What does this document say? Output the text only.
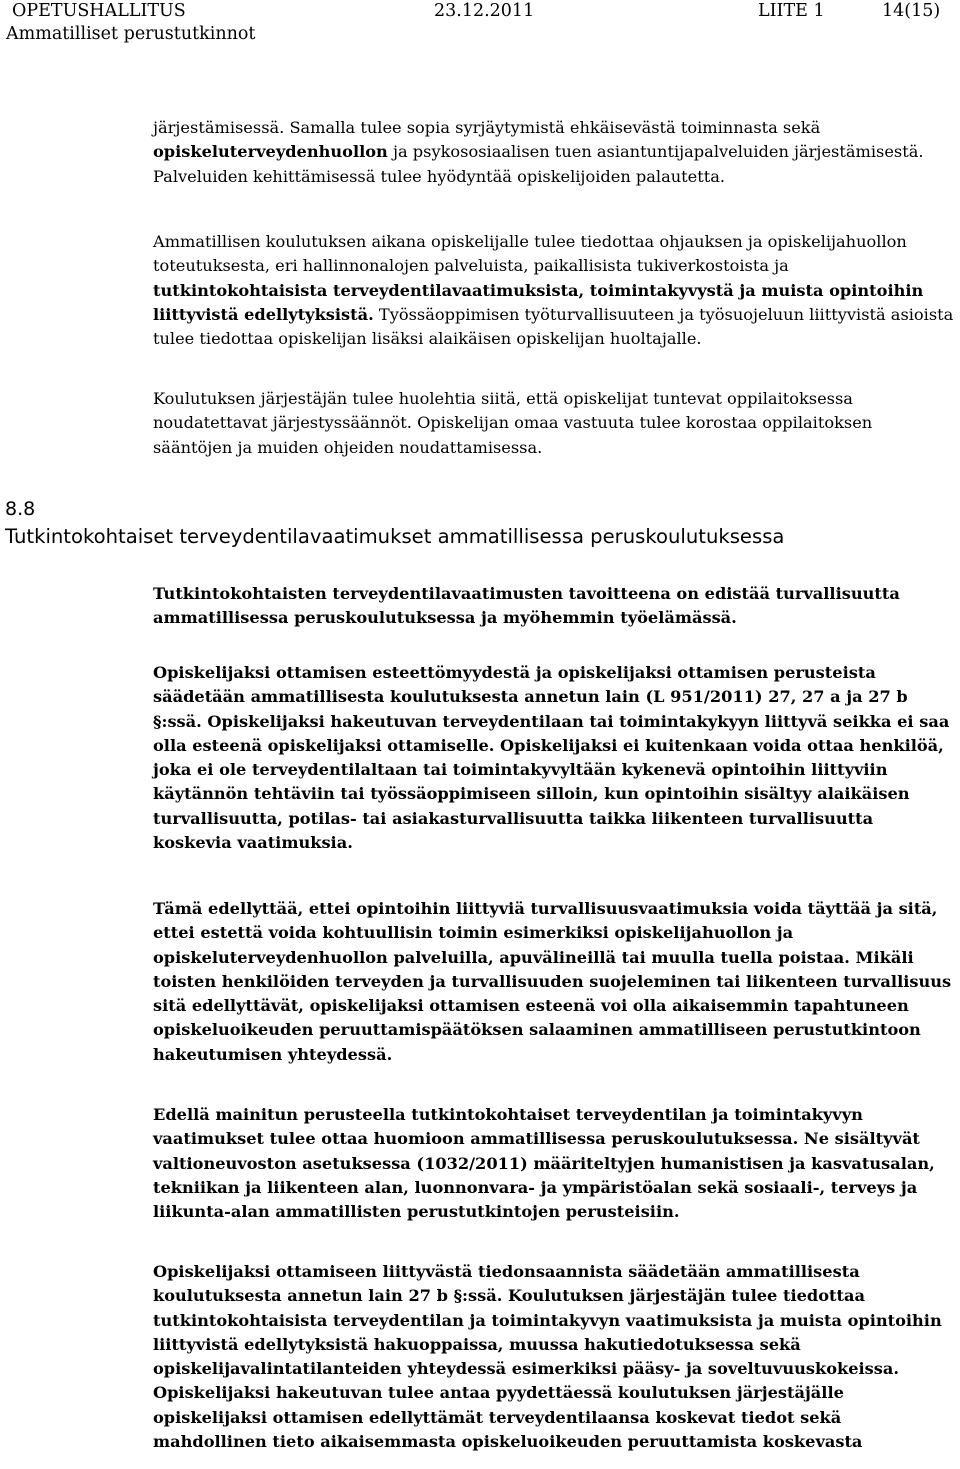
OPETUSHALLITUS	23.12.2011	LIITE 1	14(15)
Ammatilliset perustutkinnot

järjestämisessä. Samalla tulee sopia syrjäytymistä ehkäisevästä toiminnasta sekä opiskeluterveydenhuollon ja psykososiaalisen tuen asiantuntijapalveluiden järjestämisestä. Palveluiden kehittämisessä tulee hyödyntää opiskelijoiden palautetta.

Ammatillisen koulutuksen aikana opiskelijalle tulee tiedottaa ohjauksen ja opiskelijahuollon toteutuksesta, eri hallinnonalojen palveluista, paikallisista tukiverkostoista ja tutkintokohtaisista terveydentilavaatimuksista, toimintakyvystä ja muista opintoihin liittyvistä edellytyksistä. Työssäoppimisen työturvallisuuteen ja työsuojeluun liittyvistä asioista tulee tiedottaa opiskelijan lisäksi alaikäisen opiskelijan huoltajalle.

Koulutuksen järjestäjän tulee huolehtia siitä, että opiskelijat tuntevat oppilaitoksessa noudatettavat järjestyssäännöt. Opiskelijan omaa vastuuta tulee korostaa oppilaitoksen sääntöjen ja muiden ohjeiden noudattamisessa.

8.8
Tutkintokohtaiset terveydentilavaatimukset ammatillisessa peruskoulutuksessa

Tutkintokohtaisten terveydentilavaatimusten tavoitteena on edistää turvallisuutta ammatillisessa peruskoulutuksessa ja myöhemmin työelämässä.

Opiskelijaksi ottamisen esteettömyydestä ja opiskelijaksi ottamisen perusteista säädetään ammatillisesta koulutuksesta annetun lain (L 951/2011) 27, 27 a ja 27 b §:ssä. Opiskelijaksi hakeutuvan terveydentilaan tai toimintakykyyn liittyvä seikka ei saa olla esteenä opiskelijaksi ottamiselle. Opiskelijaksi ei kuitenkaan voida ottaa henkilöä, joka ei ole terveydentilaltaan tai toimintakyvyltään kykenevä opintoihin liittyviin käytännön tehtäviin tai työssäoppimiseen silloin, kun opintoihin sisältyy alaikäisen turvallisuutta, potilas- tai asiakasturvallisuutta taikka liikenteen turvallisuutta koskevia vaatimuksia.

Tämä edellyttää, ettei opintoihin liittyviä turvallisuusvaatimuksia voida täyttää ja sitä, ettei estettä voida kohtuullisin toimin esimerkiksi opiskelijahuollon ja opiskeluterveydenhuollon palveluilla, apuvälineillä tai muulla tuella poistaa. Mikäli toisten henkilöiden terveyden ja turvallisuuden suojeleminen tai liikenteen turvallisuus sitä edellyttävät, opiskelijaksi ottamisen esteenä voi olla aikaisemmin tapahtuneen opiskeluoikeuden peruuttamispäätöksen salaaminen ammatilliseen perustutkintoon hakeutumisen yhteydessä.

Edellä mainitun perusteella tutkintokohtaiset terveydentilan ja toimintakyvyn vaatimukset tulee ottaa huomioon ammatillisessa peruskoulutuksessa. Ne sisältyvät valtioneuvoston asetuksessa (1032/2011) määriteltyjen humanistisen ja kasvatusalan, tekniikan ja liikenteen alan, luonnonvara- ja ympäristöalan sekä sosiaali-, terveys ja liikunta-alan ammatillisten perustutkintojen perusteisiin.

Opiskelijaksi ottamiseen liittyvästä tiedonsaannista säädetään ammatillisesta koulutuksesta annetun lain 27 b §:ssä. Koulutuksen järjestäjän tulee tiedottaa tutkintokohtaisista terveydentilan ja toimintakyvyn vaatimuksista ja muista opintoihin liittyvistä edellytyksistä hakuoppaissa, muussa hakutiedotuksessa sekä opiskelijavalintatilanteiden yhteydessä esimerkiksi pääsy- ja soveltuvuuskokeissa. Opiskelijaksi hakeutuvan tulee antaa pyydettäessä koulutuksen järjestäjälle opiskelijaksi ottamisen edellyttämät terveydentilaansa koskevat tiedot sekä mahdollinen tieto aikaisemmasta opiskeluoikeuden peruuttamista koskevasta
